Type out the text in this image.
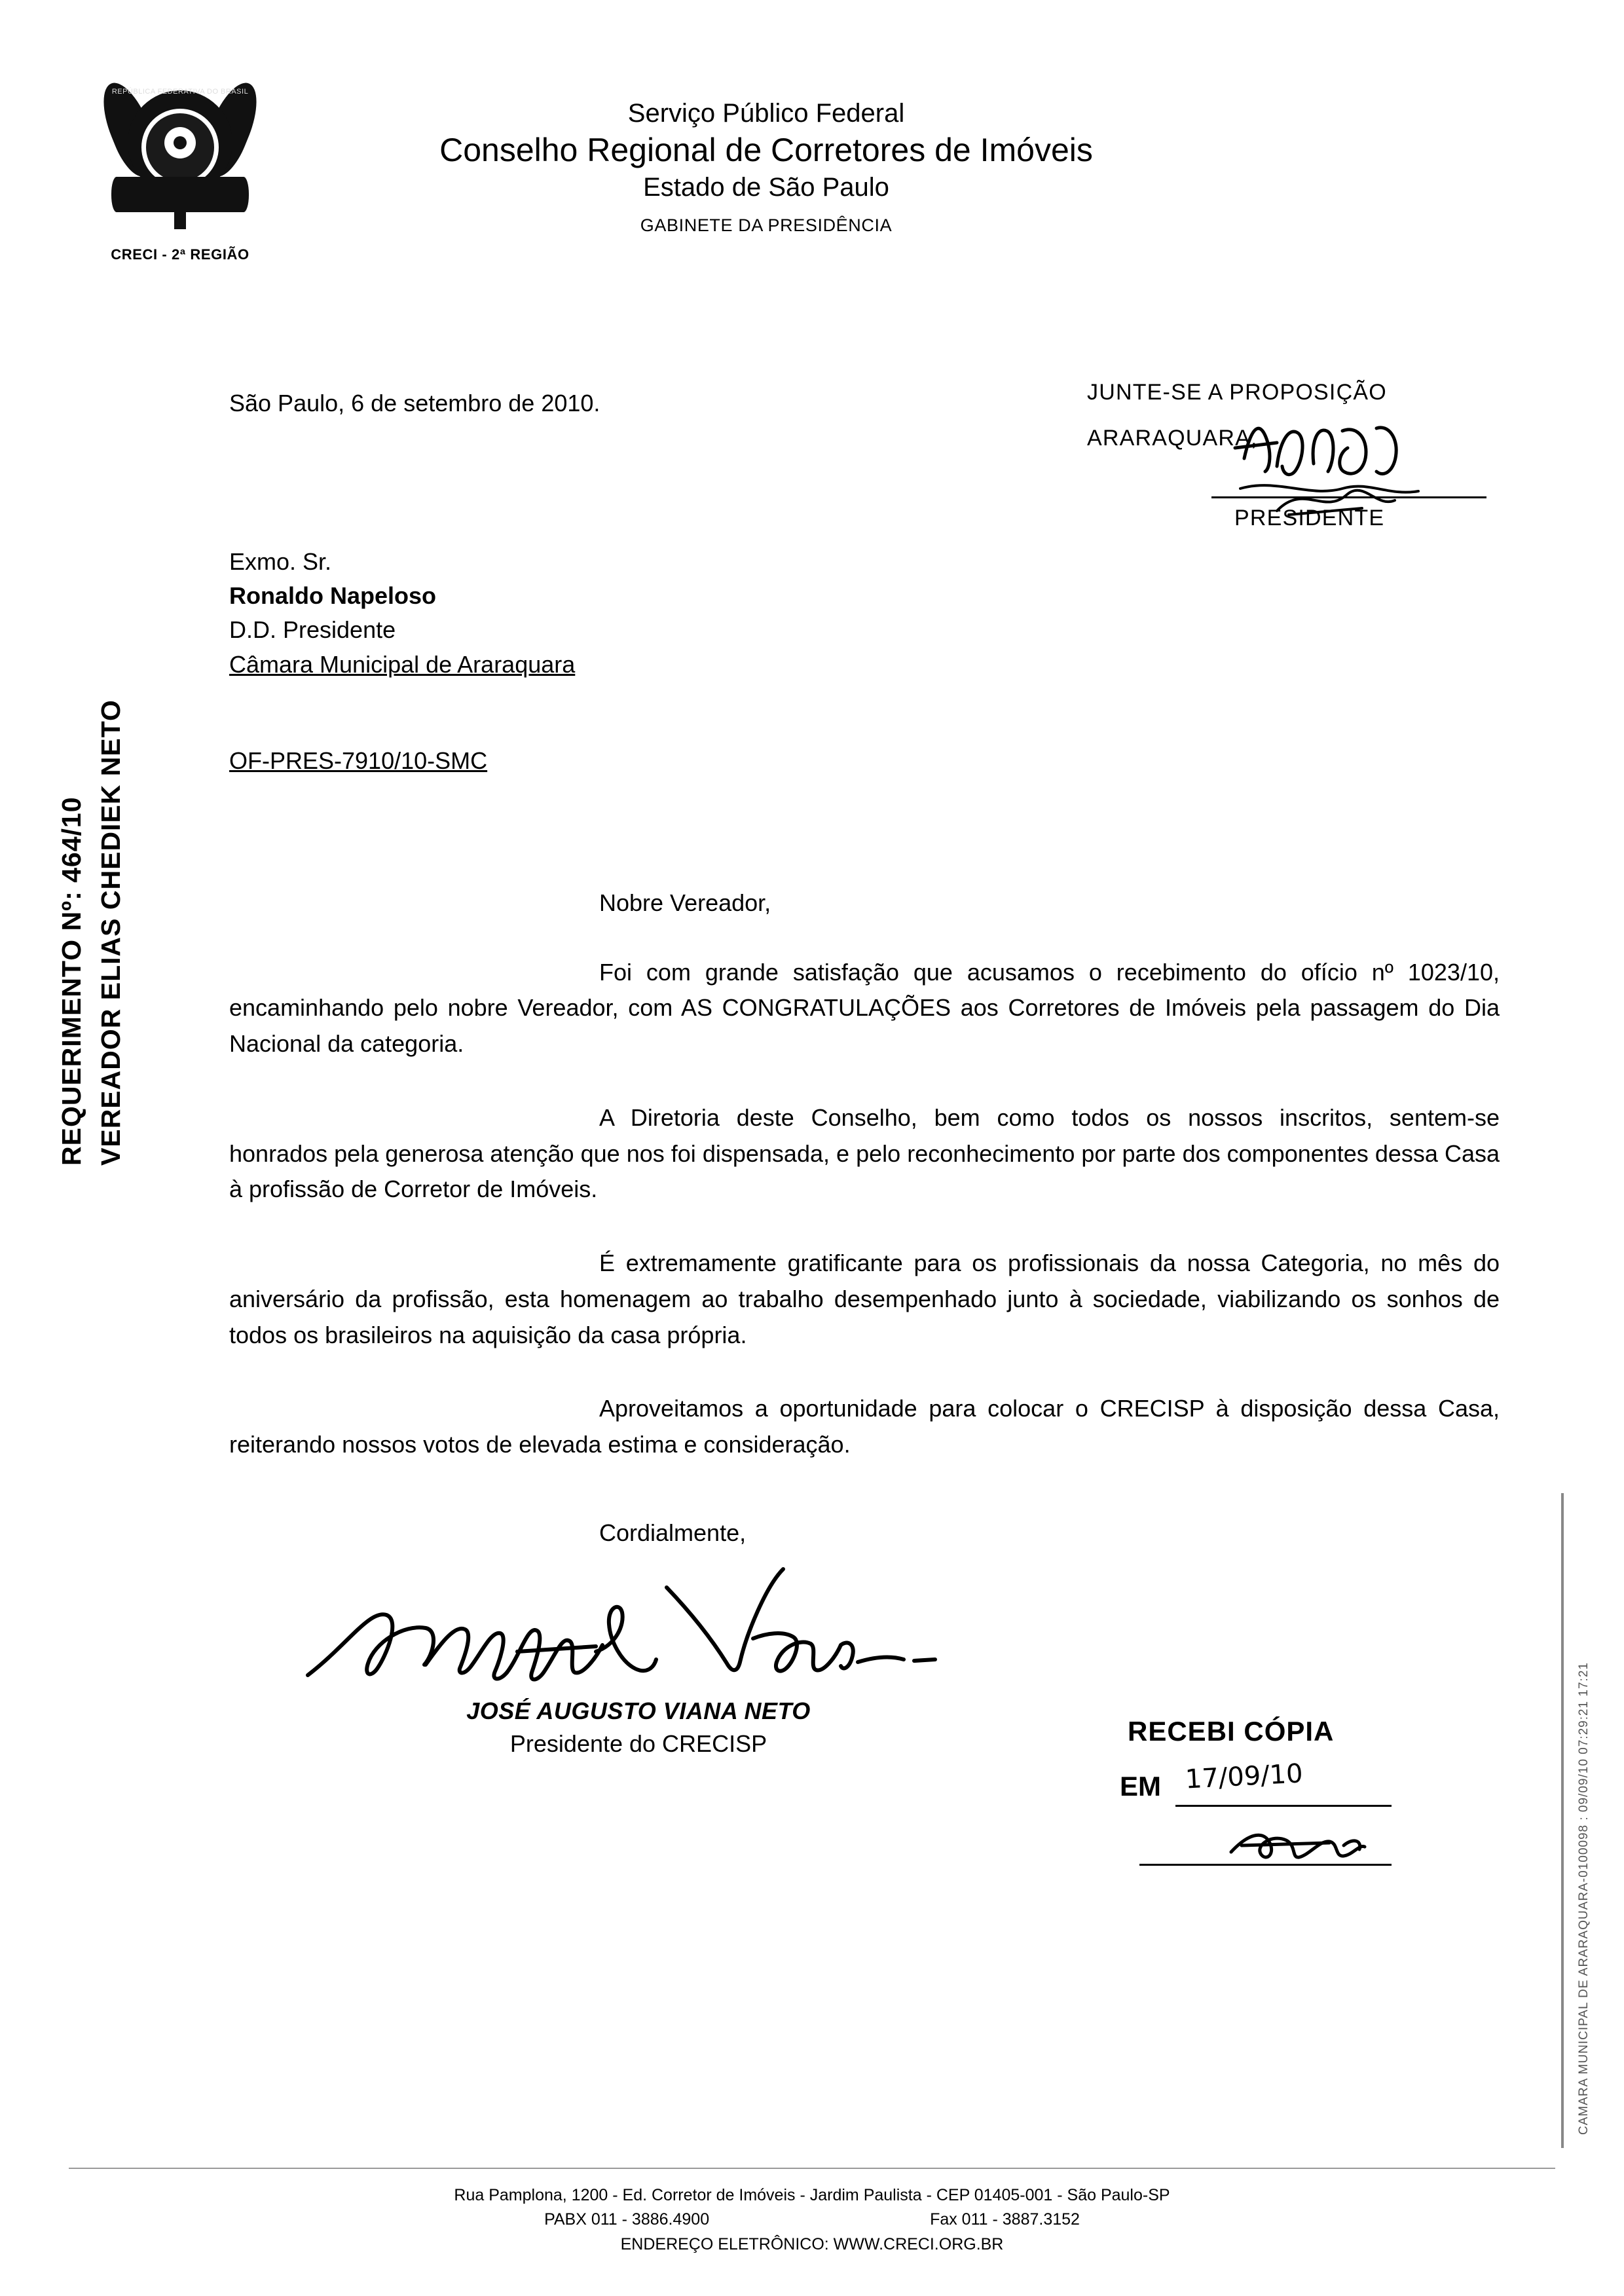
REPÚBLICA FEDERATIVA DO BRASIL
CRECI - 2ª REGIÃO
Serviço Público Federal
Conselho Regional de Corretores de Imóveis
Estado de São Paulo
GABINETE DA PRESIDÊNCIA
REQUERIMENTO Nº: 464/10 VEREADOR ELIAS CHEDIEK NETO
JUNTE-SE A PROPOSIÇÃO
ARARAQUARA,
PRESIDENTE
São Paulo, 6 de setembro de 2010.
Exmo. Sr.
Ronaldo Napeloso
D.D. Presidente
Câmara Municipal de Araraquara
OF-PRES-7910/10-SMC
Nobre Vereador,
Foi com grande satisfação que acusamos o recebimento do ofício nº 1023/10, encaminhando pelo nobre Vereador, com AS CONGRATULAÇÕES aos Corretores de Imóveis pela passagem do Dia Nacional da categoria.
A Diretoria deste Conselho, bem como todos os nossos inscritos, sentem-se honrados pela generosa atenção que nos foi dispensada, e pelo reconhecimento por parte dos componentes dessa Casa à profissão de Corretor de Imóveis.
É extremamente gratificante para os profissionais da nossa Categoria, no mês do aniversário da profissão, esta homenagem ao trabalho desempenhado junto à sociedade, viabilizando os sonhos de todos os brasileiros na aquisição da casa própria.
Aproveitamos a oportunidade para colocar o CRECISP à disposição dessa Casa, reiterando nossos votos de elevada estima e consideração.
Cordialmente,
JOSÉ AUGUSTO VIANA NETO
Presidente do CRECISP	RECEBI CÓPIA
EM 17/09/10	CAMARA MUNICIPAL DE ARARAQUARA-0100098 : 09/09/10 07:29:21 17:21
Rua Pamplona, 1200 - Ed. Corretor de Imóveis - Jardim Paulista - CEP 01405-001 - São Paulo-SP
PABX 011 - 3886.4900	Fax 011 - 3887.3152
ENDEREÇO ELETRÔNICO: WWW.CRECI.ORG.BR
